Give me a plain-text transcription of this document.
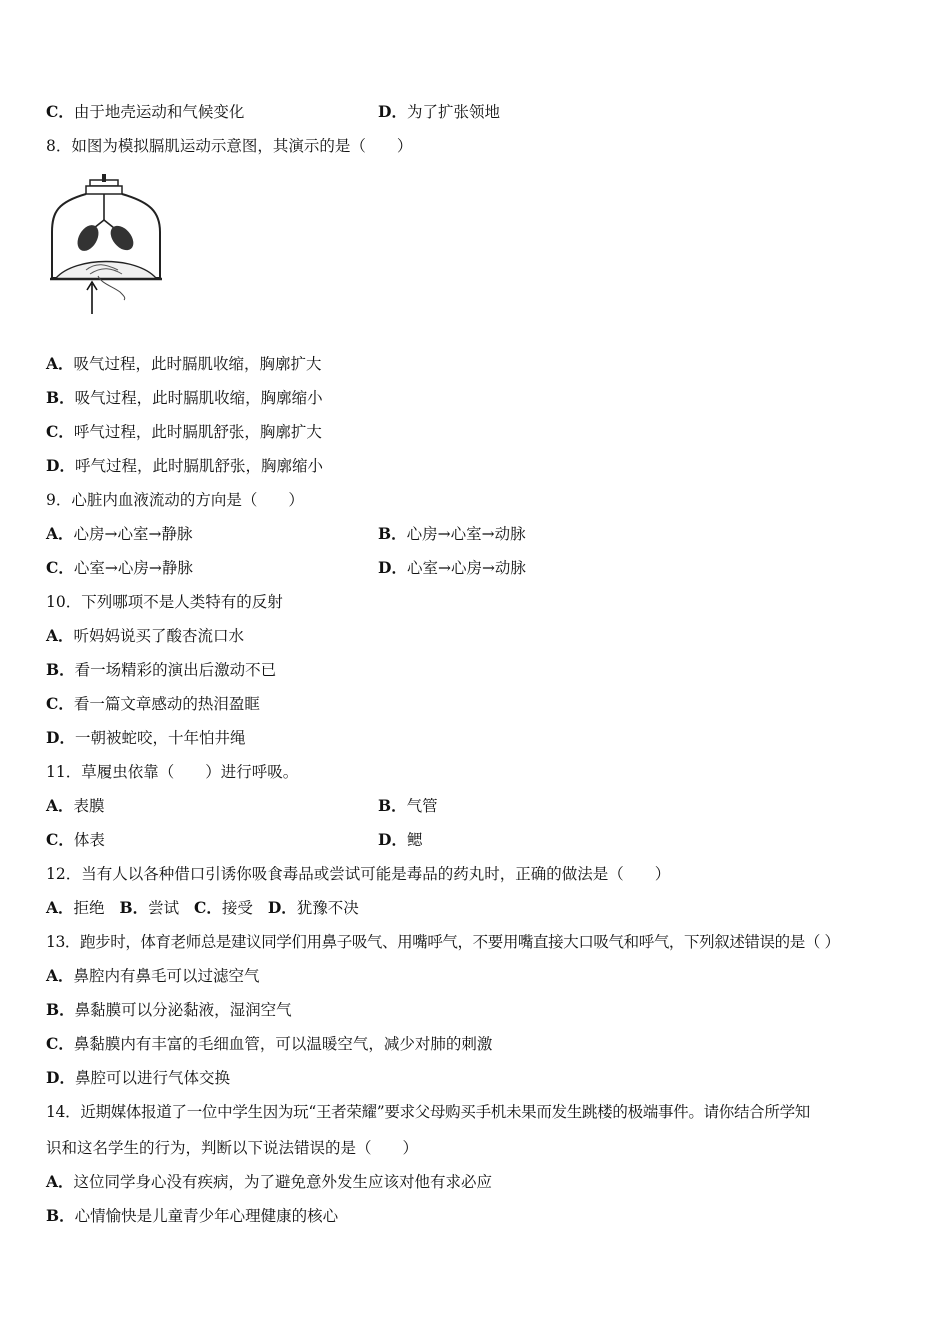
C．由于地壳运动和气候变化	D．为了扩张领地
8．如图为模拟膈肌运动示意图，其演示的是（　　）
A．吸气过程，此时膈肌收缩，胸廓扩大
B．吸气过程，此时膈肌收缩，胸廓缩小
C．呼气过程，此时膈肌舒张，胸廓扩大
D．呼气过程，此时膈肌舒张，胸廓缩小
9．心脏内血液流动的方向是（　　）
A．心房→心室→静脉	B．心房→心室→动脉
C．心室→心房→静脉	D．心室→心房→动脉
10．下列哪项不是人类特有的反射
A．听妈妈说买了酸杏流口水
B．看一场精彩的演出后激动不已
C．看一篇文章感动的热泪盈眶
D．一朝被蛇咬，十年怕井绳
11．草履虫依靠（　　）进行呼吸。
A．表膜	B．气管
C．体表	D．鳃
12．当有人以各种借口引诱你吸食毒品或尝试可能是毒品的药丸时，正确的做法是（　　）
A．拒绝 B．尝试 C．接受 D．犹豫不决
13．跑步时，体育老师总是建议同学们用鼻子吸气、用嘴呼气，不要用嘴直接大口吸气和呼气，下列叙述错误的是（ ）
A．鼻腔内有鼻毛可以过滤空气
B．鼻黏膜可以分泌黏液，湿润空气
C．鼻黏膜内有丰富的毛细血管，可以温暖空气，减少对肺的刺激
D．鼻腔可以进行气体交换
14．近期媒体报道了一位中学生因为玩“王者荣耀”要求父母购买手机未果而发生跳楼的极端事件。请你结合所学知
识和这名学生的行为，判断以下说法错误的是（　　）
A．这位同学身心没有疾病，为了避免意外发生应该对他有求必应
B．心情愉快是儿童青少年心理健康的核心
